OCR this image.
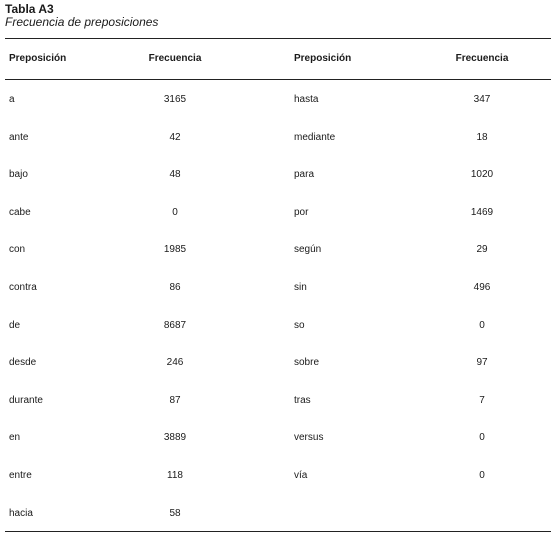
Tabla A3
Frecuencia de preposiciones
Preposición	Frecuencia	Preposición	Frecuencia
a	3165	hasta	347
ante	42	mediante	18
bajo	48	para	1020
cabe	0	por	1469
con	1985	según	29
contra	86	sin	496
de	8687	so	0
desde	246	sobre	97
durante	87	tras	7
en	3889	versus	0
entre	118	vía	0
hacia	58
